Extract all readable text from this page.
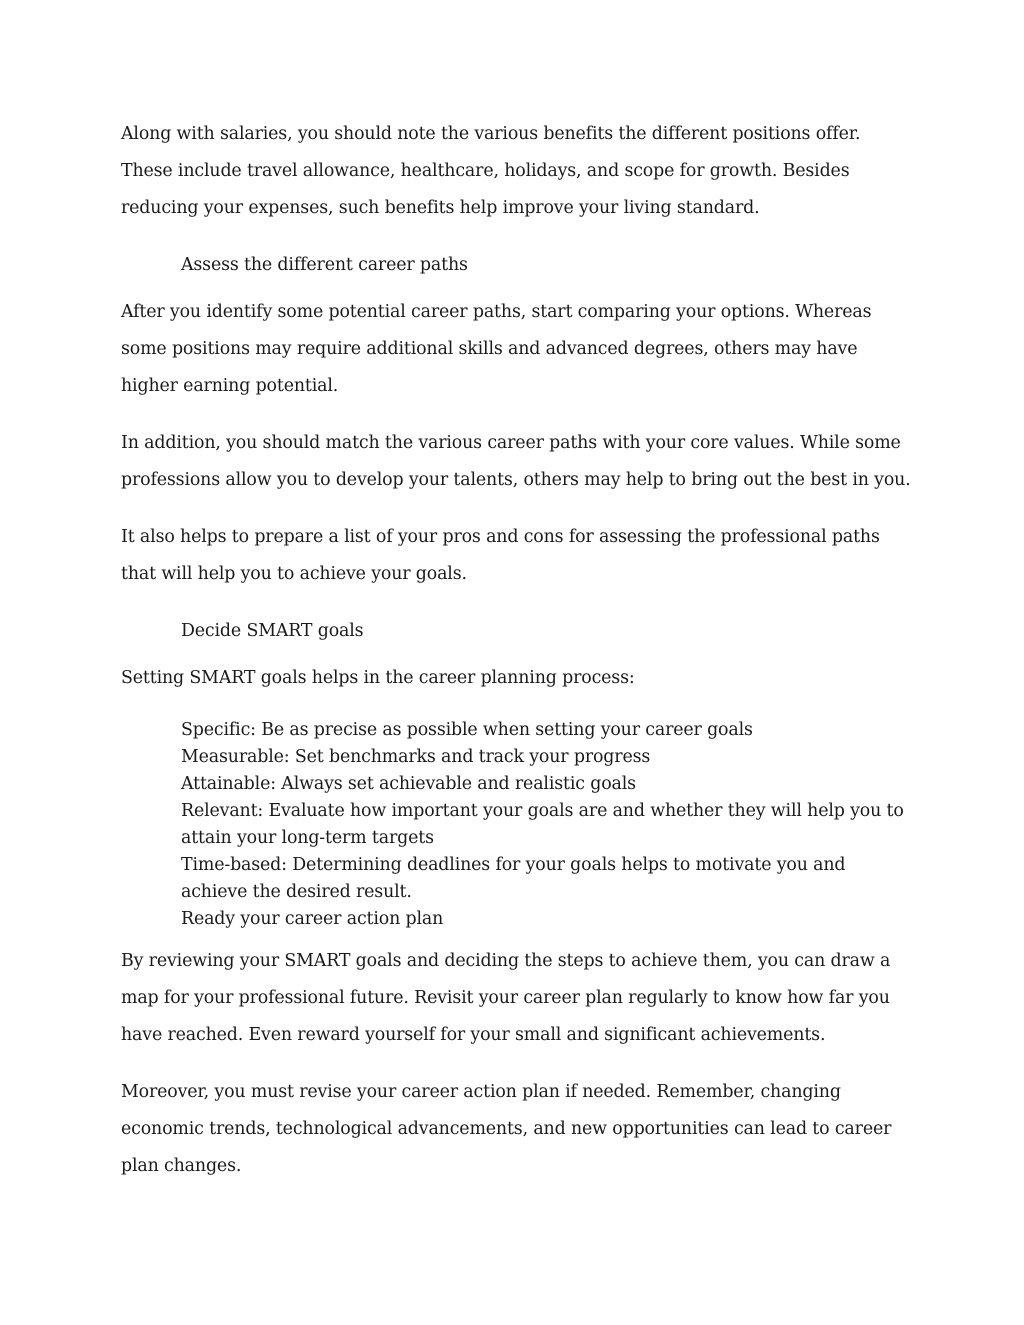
Along with salaries, you should note the various benefits the different positions offer. These include travel allowance, healthcare, holidays, and scope for growth. Besides reducing your expenses, such benefits help improve your living standard.

Assess the different career paths

After you identify some potential career paths, start comparing your options. Whereas some positions may require additional skills and advanced degrees, others may have higher earning potential.

In addition, you should match the various career paths with your core values. While some professions allow you to develop your talents, others may help to bring out the best in you.

It also helps to prepare a list of your pros and cons for assessing the professional paths that will help you to achieve your goals.

Decide SMART goals

Setting SMART goals helps in the career planning process:

Specific: Be as precise as possible when setting your career goals
Measurable: Set benchmarks and track your progress
Attainable: Always set achievable and realistic goals
Relevant: Evaluate how important your goals are and whether they will help you to attain your long-term targets
Time-based: Determining deadlines for your goals helps to motivate you and achieve the desired result.
Ready your career action plan

By reviewing your SMART goals and deciding the steps to achieve them, you can draw a map for your professional future. Revisit your career plan regularly to know how far you have reached. Even reward yourself for your small and significant achievements.

Moreover, you must revise your career action plan if needed. Remember, changing economic trends, technological advancements, and new opportunities can lead to career plan changes.
